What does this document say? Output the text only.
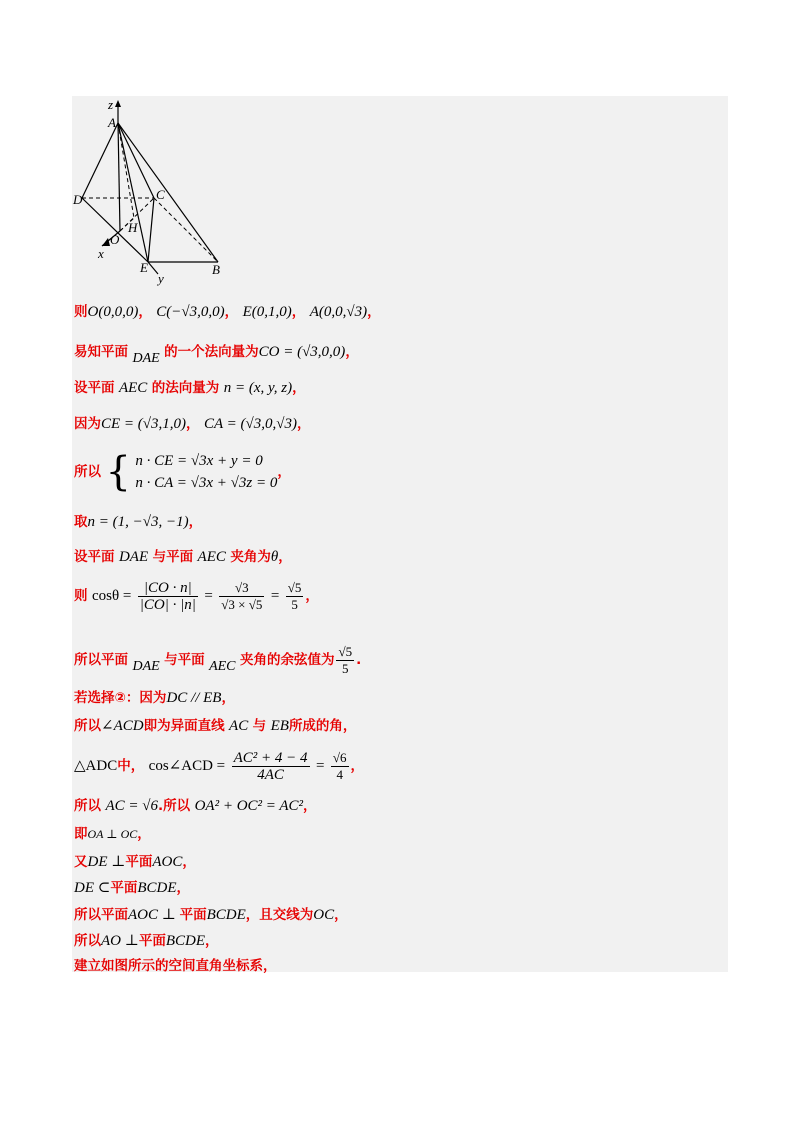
z
A
D	C
H
O
x
E
y
B
则O(0,0,0)， C(−√3,0,0)， E(0,1,0)， A(0,0,√3)，
易知平面 DAE 的一个法向量为CO = (√3,0,0)，
设平面 AEC 的法向量为 n = (x, y, z)，
因为CE = (√3,1,0)， CA = (√3,0,√3)，
所以 { n · CE = √3x + y = 0
n · CA = √3x + √3z = 0
，
取n = (1, −√3, −1)，
设平面 DAE 与平面 AEC 夹角为θ，
则 $\cos\theta = \frac{|CO \cdot n|}{|CO| \cdot |n|} = \frac{√3}{√3 \times √5} = \frac{√5}{5}$ ，
所以平面 DAE 与平面 AEC 夹角的余弦值为 $\frac{√5}{5}$ .
若选择②：因为DC // EB，
所以∠ACD即为异面直线 AC 与 EB所成的角，
△ADC中， cos∠ACD = $\frac{\text{AC² + 4 − 4}}{4AC} = \frac{√6}{4}$ ，
所以 AC = √6.所以 OA² + OC² = AC²，
即OA ⊥ OC，
又DE ⊥平面AOC，
DE ⊂平面BCDE，
所以平面AOC ⊥ 平面BCDE，且交线为OC，
所以AO ⊥平面BCDE，
建立如图所示的空间直角坐标系，
